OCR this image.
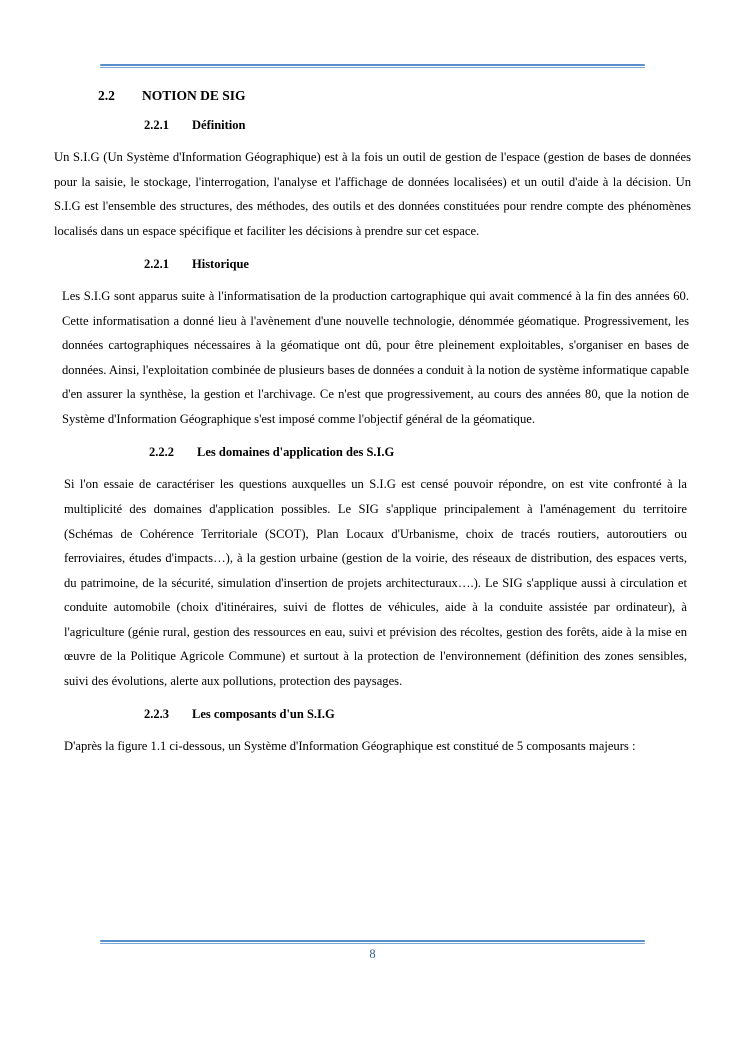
2.2 NOTION DE SIG
2.2.1 Définition

Un S.I.G (Un Système d'Information Géographique) est à la fois un outil de gestion de l'espace (gestion de bases de données pour la saisie, le stockage, l'interrogation, l'analyse et l'affichage de données localisées) et un outil d'aide à la décision. Un S.I.G est l'ensemble des structures, des méthodes, des outils et des données constituées pour rendre compte des phénomènes localisés dans un espace spécifique et faciliter les décisions à prendre sur cet espace.

2.2.1 Historique

Les S.I.G sont apparus suite à l'informatisation de la production cartographique qui avait commencé à la fin des années 60. Cette informatisation a donné lieu à l'avènement d'une nouvelle technologie, dénommée géomatique. Progressivement, les données cartographiques nécessaires à la géomatique ont dû, pour être pleinement exploitables, s'organiser en bases de données. Ainsi, l'exploitation combinée de plusieurs bases de données a conduit à la notion de système informatique capable d'en assurer la synthèse, la gestion et l'archivage. Ce n'est que progressivement, au cours des années 80, que la notion de Système d'Information Géographique s'est imposé comme l'objectif général de la géomatique.

2.2.2 Les domaines d'application des S.I.G

Si l'on essaie de caractériser les questions auxquelles un S.I.G est censé pouvoir répondre, on est vite confronté à la multiplicité des domaines d'application possibles. Le SIG s'applique principalement à l'aménagement du territoire (Schémas de Cohérence Territoriale (SCOT), Plan Locaux d'Urbanisme, choix de tracés routiers, autoroutiers ou ferroviaires, études d'impacts…), à la gestion urbaine (gestion de la voirie, des réseaux de distribution, des espaces verts, du patrimoine, de la sécurité, simulation d'insertion de projets architecturaux….). Le SIG s'applique aussi à circulation et conduite automobile (choix d'itinéraires, suivi de flottes de véhicules, aide à la conduite assistée par ordinateur), à l'agriculture (génie rural, gestion des ressources en eau, suivi et prévision des récoltes, gestion des forêts, aide à la mise en œuvre de la Politique Agricole Commune) et surtout à la protection de l'environnement (définition des zones sensibles, suivi des évolutions, alerte aux pollutions, protection des paysages.

2.2.3 Les composants d'un S.I.G

D'après la figure 1.1 ci-dessous, un Système d'Information Géographique est constitué de 5 composants majeurs :

8
